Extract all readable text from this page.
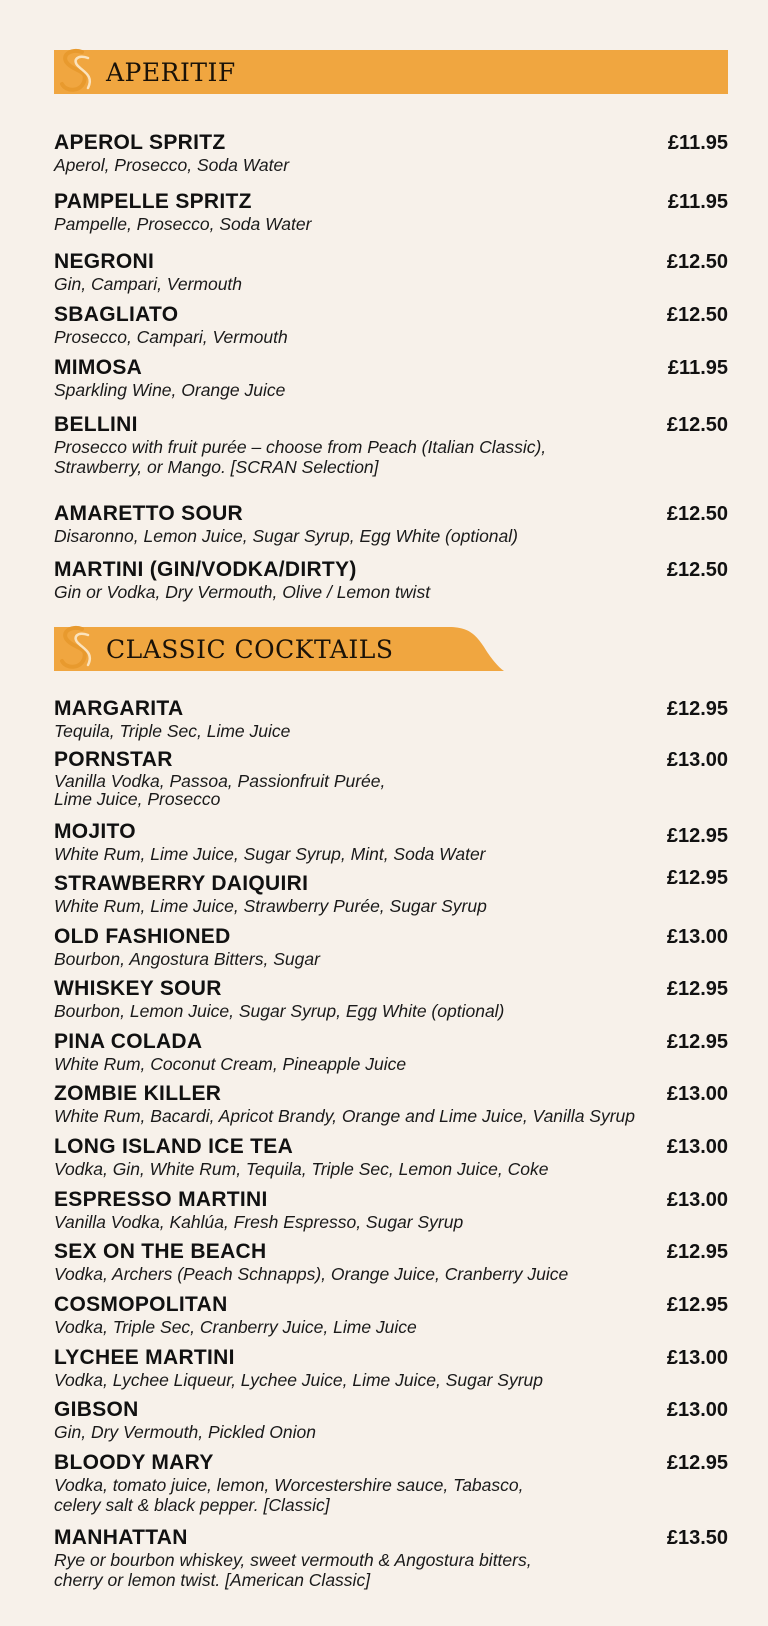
APERITIF
APEROL SPRITZ
Aperol, Prosecco, Soda Water
£11.95
PAMPELLE SPRITZ
Pampelle, Prosecco, Soda Water
£11.95
NEGRONI
Gin, Campari, Vermouth
£12.50
SBAGLIATO
Prosecco, Campari, Vermouth
£12.50
MIMOSA
Sparkling Wine, Orange Juice
£11.95
BELLINI
Prosecco with fruit purée – choose from Peach (Italian Classic),
Strawberry, or Mango. [SCRAN Selection]
£12.50
AMARETTO SOUR
Disaronno, Lemon Juice, Sugar Syrup, Egg White (optional)
£12.50
MARTINI (GIN/VODKA/DIRTY)
Gin or Vodka, Dry Vermouth, Olive / Lemon twist
£12.50
CLASSIC COCKTAILS
MARGARITA
Tequila, Triple Sec, Lime Juice
£12.95
PORNSTAR
Vanilla Vodka, Passoa, Passionfruit Purée,
Lime Juice, Prosecco
£13.00
MOJITO
White Rum, Lime Juice, Sugar Syrup, Mint, Soda Water
£12.95
STRAWBERRY DAIQUIRI
White Rum, Lime Juice, Strawberry Purée, Sugar Syrup
£12.95
OLD FASHIONED
Bourbon, Angostura Bitters, Sugar
£13.00
WHISKEY SOUR
Bourbon, Lemon Juice, Sugar Syrup, Egg White (optional)
£12.95
PINA COLADA
White Rum, Coconut Cream, Pineapple Juice
£12.95
ZOMBIE KILLER
White Rum, Bacardi, Apricot Brandy, Orange and Lime Juice, Vanilla Syrup
£13.00
LONG ISLAND ICE TEA
Vodka, Gin, White Rum, Tequila, Triple Sec, Lemon Juice, Coke
£13.00
ESPRESSO MARTINI
Vanilla Vodka, Kahlúa, Fresh Espresso, Sugar Syrup
£13.00
SEX ON THE BEACH
Vodka, Archers (Peach Schnapps), Orange Juice, Cranberry Juice
£12.95
COSMOPOLITAN
Vodka, Triple Sec, Cranberry Juice, Lime Juice
£12.95
LYCHEE MARTINI
Vodka, Lychee Liqueur, Lychee Juice, Lime Juice, Sugar Syrup
£13.00
GIBSON
Gin, Dry Vermouth, Pickled Onion
£13.00
BLOODY MARY
Vodka, tomato juice, lemon, Worcestershire sauce, Tabasco,
celery salt & black pepper. [Classic]
£12.95
MANHATTAN
Rye or bourbon whiskey, sweet vermouth & Angostura bitters,
cherry or lemon twist. [American Classic]
£13.50
